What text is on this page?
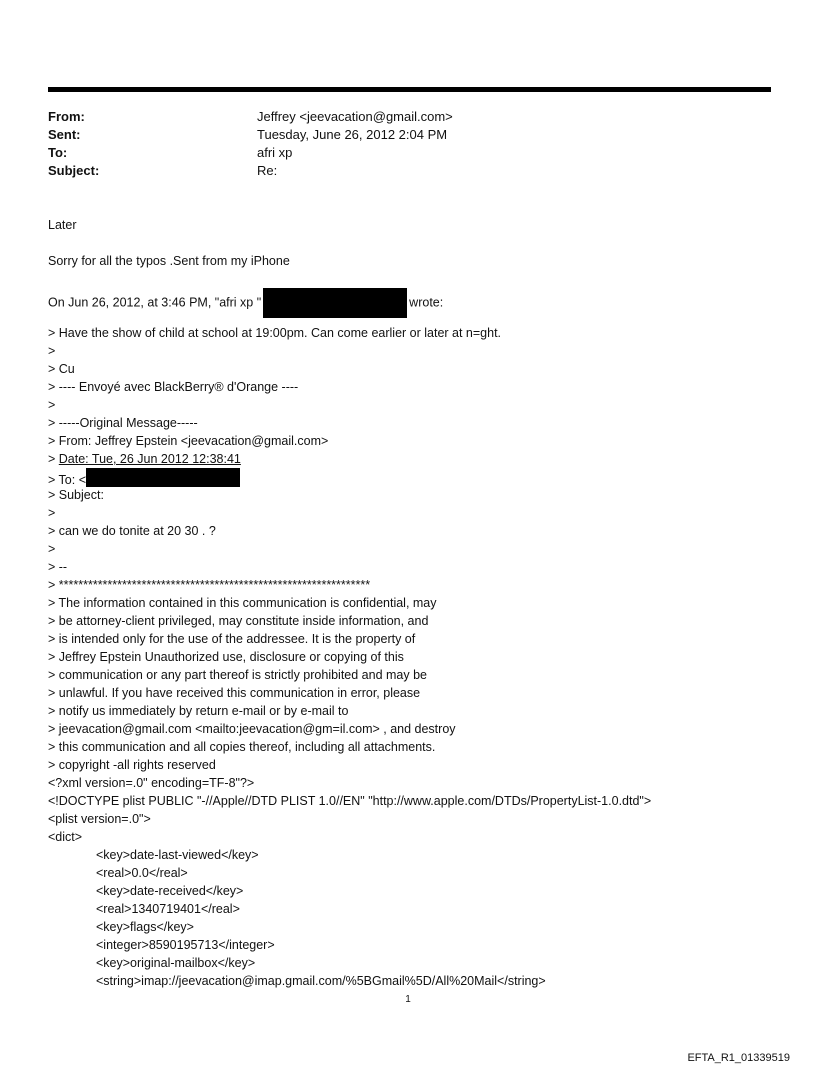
From:	Jeffrey <jeevacation@gmail.com>
Sent:	Tuesday, June 26, 2012 2:04 PM
To:	afri xp
Subject:	Re:
Later
Sorry for all the typos .Sent from my iPhone
On Jun 26, 2012, at 3:46 PM, "afri xp "	wrote:
> Have the show of child at school at 19:00pm. Can come earlier or later at n=ght.
>
> Cu
> ---- Envoyé avec BlackBerry® d'Orange ----
>
> -----Original Message-----
> From: Jeffrey Epstein <jeevacation@gmail.com>
> Date: Tue, 26 Jun 2012 12:38:41
> To: <
> Subject:
>
> can we do tonite at 20 30 . ?
>
> --
> ****************************************************************
> The information contained in this communication is confidential, may
> be attorney-client privileged, may constitute inside information, and
> is intended only for the use of the addressee. It is the property of
> Jeffrey Epstein Unauthorized use, disclosure or copying of this
> communication or any part thereof is strictly prohibited and may be
> unlawful. If you have received this communication in error, please
> notify us immediately by return e-mail or by e-mail to
> jeevacation@gmail.com <mailto:jeevacation@gm=il.com> , and destroy
> this communication and all copies thereof, including all attachments.
> copyright -all rights reserved
<?xml version=.0" encoding=TF-8"?>
<!DOCTYPE plist PUBLIC "-//Apple//DTD PLIST 1.0//EN" "http://www.apple.com/DTDs/PropertyList-1.0.dtd">
<plist version=.0">
<dict>
<key>date-last-viewed</key>
<real>0.0</real>
<key>date-received</key>
<real>1340719401</real>
<key>flags</key>
<integer>8590195713</integer>
<key>original-mailbox</key>
<string>imap://jeevacation@imap.gmail.com/%5BGmail%5D/All%20Mail</string>
1
EFTA_R1_01339519
